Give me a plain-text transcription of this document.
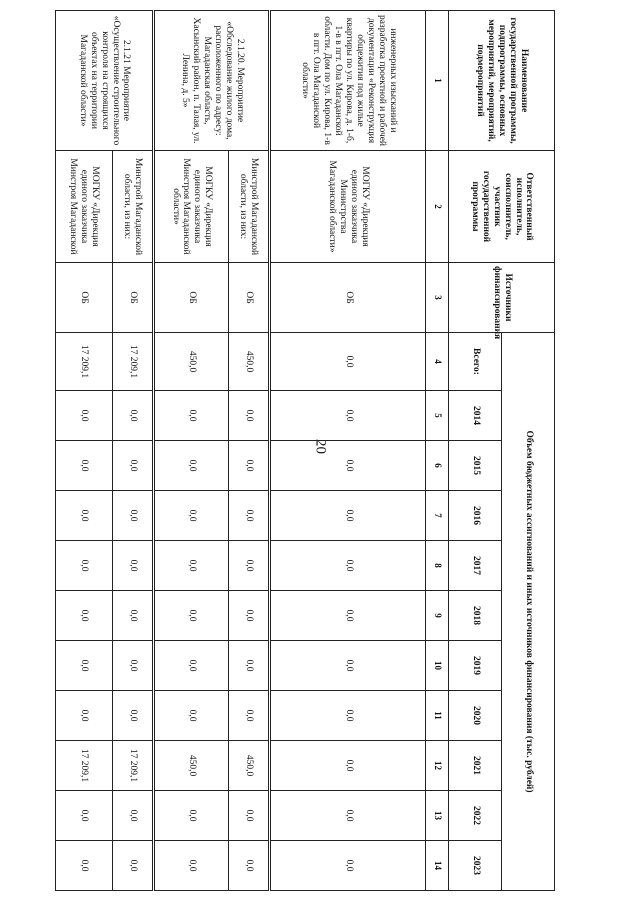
20
Наименование государственной программы, подпрограммы, основных мероприятий, мероприятий, подмероприятий	Ответственный исполнитель, соисполнитель, участник государственной программы	Источники финансирования	Объем бюджетных ассигнований и иных источников финансирования (тыс. рублей)										
			Всего:	2014	2015	2016	2017	2018	2019	2020	2021	2022	2023
1	2	3	4	5	6	7	8	9	10	11	12	13	14
инженерных изысканий и разработка проектной и рабочей документации «Реконструкция общежития под жилые квартиры по ул. Кирова, д. 1-б, 1-в в пгт. Ола Магаданской области. Дом по ул. Кирова, 1-в в пгт. Ола Магаданской области»	МОГКУ «Дирекция единого заказчика Министрства Магаданской области»	ОБ	0,0	0,0	0,0	0,0	0,0	0,0	0,0	0,0	0,0	0,0	0,0
2.1.20. Мероприятие «Обследование жилого дома, расположенного по адресу: Магаданская область, Хасынский район, п. Талая, ул. Ленина, д. 5»	Минстрой Магаданской области, из них:	ОБ	450,0	0,0	0,0	0,0	0,0	0,0	0,0	0,0	450,0	0,0	0,0
	МОГКУ «Дирекция единого заказчика Минстроя Магаданской области»	ОБ	450,0	0,0	0,0	0,0	0,0	0,0	0,0	0,0	450,0	0,0	0,0
2.1.21 Мероприятие «Осуществление строительного контроля на строящихся объектах на территории Магаданской области»	Минстрой Магаданской области, из них:	ОБ	17 209,1	0,0	0,0	0,0	0,0	0,0	0,0	0,0	17 209,1	0,0	0,0
	МОГКУ «Дирекция единого заказчика Минстроя Магаданской	ОБ	17 209,1	0,0	0,0	0,0	0,0	0,0	0,0	0,0	17 209,1	0,0	0,0
